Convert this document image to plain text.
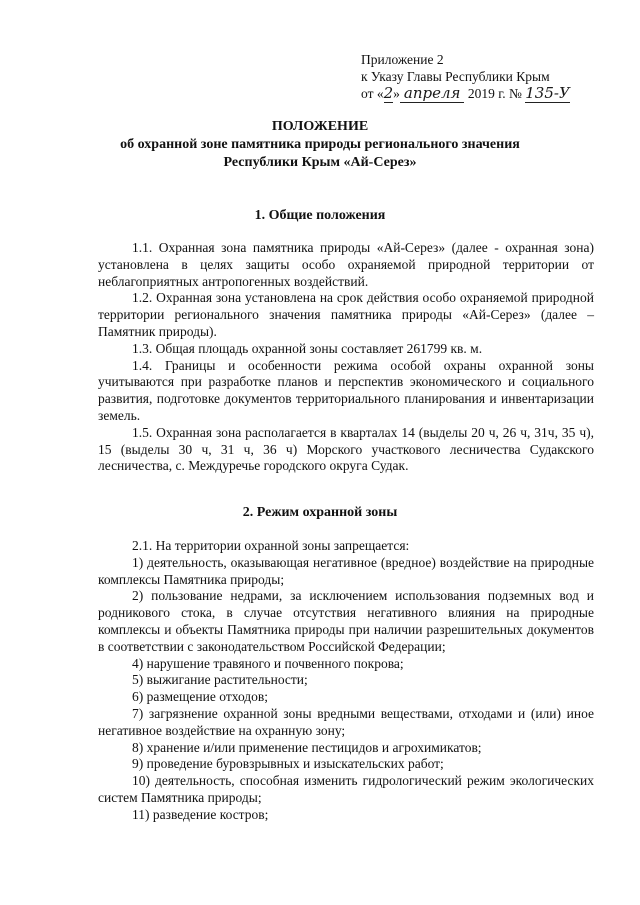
Приложение 2
к Указу Главы Республики Крым
от «2» апреля 2019 г. № 135-У
ПОЛОЖЕНИЕ
об охранной зоне памятника природы регионального значения
Республики Крым «Ай-Серез»
1. Общие положения

1.1. Охранная зона памятника природы «Ай-Серез» (далее - охранная зона) установлена в целях защиты особо охраняемой природной территории от неблагоприятных антропогенных воздействий.

1.2. Охранная зона установлена на срок действия особо охраняемой природной территории регионального значения памятника природы «Ай-Серез» (далее – Памятник природы).

1.3. Общая площадь охранной зоны составляет 261799 кв. м.

1.4. Границы и особенности режима особой охраны охранной зоны учитываются при разработке планов и перспектив экономического и социального развития, подготовке документов территориального планирования и инвентаризации земель.

1.5. Охранная зона располагается в кварталах 14 (выделы 20 ч, 26 ч, 31ч, 35 ч), 15 (выделы 30 ч, 31 ч, 36 ч) Морского участкового лесничества Судакского лесничества, с. Междуречье городского округа Судак.

2. Режим охранной зоны

2.1. На территории охранной зоны запрещается:

1) деятельность, оказывающая негативное (вредное) воздействие на природные комплексы Памятника природы;

2) пользование недрами, за исключением использования подземных вод и родникового стока, в случае отсутствия негативного влияния на природные комплексы и объекты Памятника природы при наличии разрешительных документов в соответствии с законодательством Российской Федерации;

4) нарушение травяного и почвенного покрова;

5) выжигание растительности;

6) размещение отходов;

7) загрязнение охранной зоны вредными веществами, отходами и (или) иное негативное воздействие на охранную зону;

8) хранение и/или применение пестицидов и агрохимикатов;

9) проведение буровзрывных и изыскательских работ;

10) деятельность, способная изменить гидрологический режим экологических систем Памятника природы;

11) разведение костров;
